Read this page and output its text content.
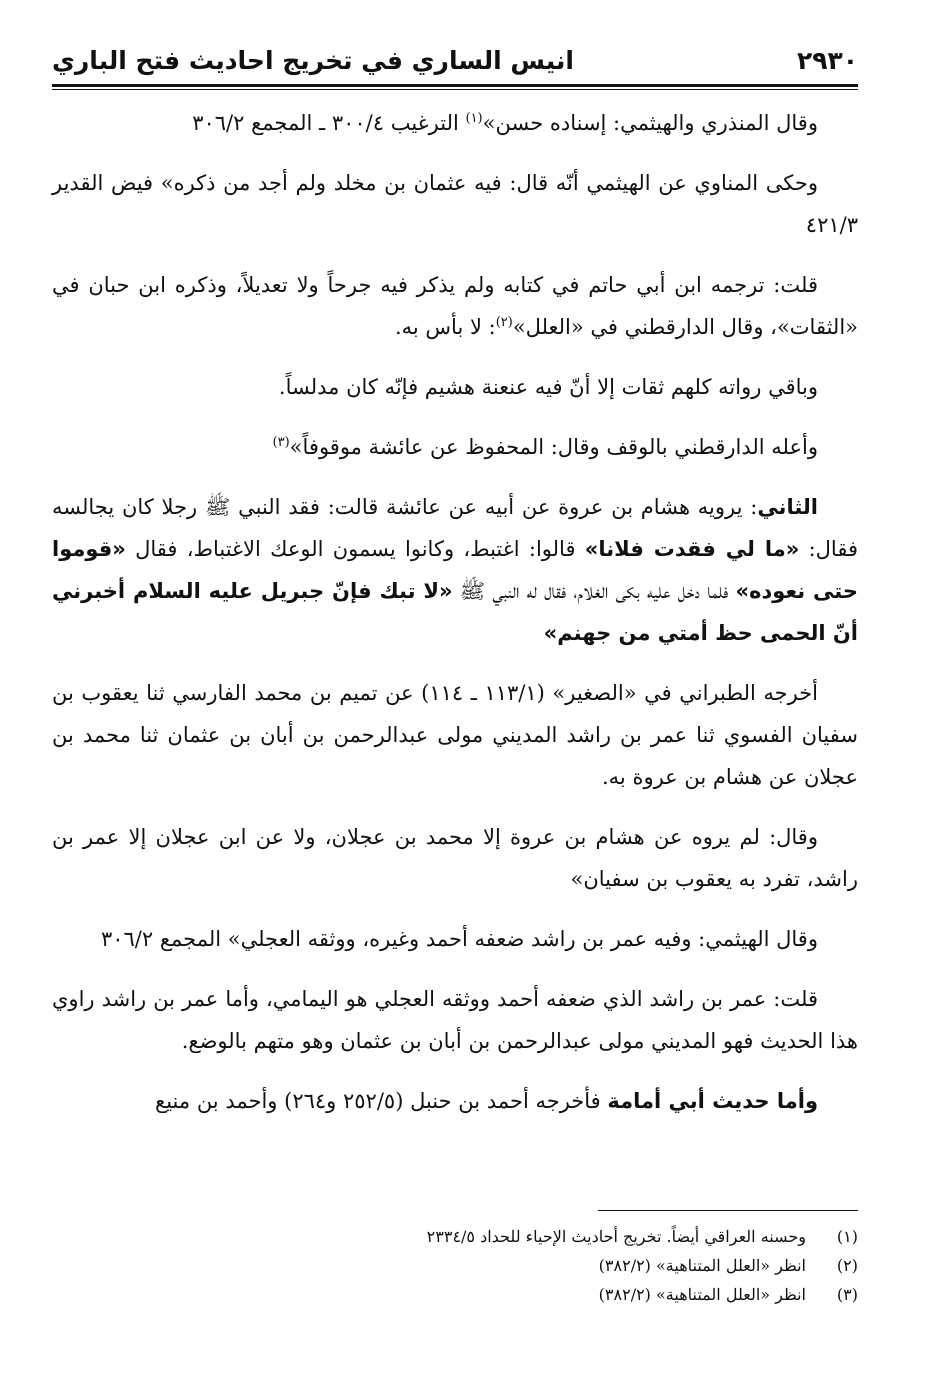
٢٩٣٠
انيس الساري في تخريج احاديث فتح الباري

وقال المنذري والهيثمي: إسناده حسن»$^{(١)}$ الترغيب ٣٠٠/٤ ـ المجمع ٣٠٦/٢

وحكى المناوي عن الهيثمي أنّه قال: فيه عثمان بن مخلد ولم أجد من ذكره» فيض القدير ٤٢١/٣

قلت: ترجمه ابن أبي حاتم في كتابه ولم يذكر فيه جرحاً ولا تعديلاً، وذكره ابن حبان في «الثقات»، وقال الدارقطني في «العلل»$^{(٢)}$: لا بأس به.

وباقي رواته كلهم ثقات إلا أنّ فيه عنعنة هشيم فإنّه كان مدلساً.

وأعله الدارقطني بالوقف وقال: المحفوظ عن عائشة موقوفاً»$^{(٣)}$

الثاني: يرويه هشام بن عروة عن أبيه عن عائشة قالت: فقد النبي ﷺ رجلا كان يجالسه فقال: «ما لي فقدت فلانا» قالوا: اغتبط، وكانوا يسمون الوعك الاغتباط، فقال «قوموا حتى نعوده» فلما دخل عليه بكى الغلام، فقال له النبي ﷺ «لا تبك فإنّ جبريل عليه السلام أخبرني أنّ الحمى حظ أمتي من جهنم»

أخرجه الطبراني في «الصغير» (١١٣/١ ـ ١١٤) عن تميم بن محمد الفارسي ثنا يعقوب بن سفيان الفسوي ثنا عمر بن راشد المديني مولى عبدالرحمن بن أبان بن عثمان ثنا محمد بن عجلان عن هشام بن عروة به.

وقال: لم يروه عن هشام بن عروة إلا محمد بن عجلان، ولا عن ابن عجلان إلا عمر بن راشد، تفرد به يعقوب بن سفيان»

وقال الهيثمي: وفيه عمر بن راشد ضعفه أحمد وغيره، ووثقه العجلي» المجمع ٣٠٦/٢

قلت: عمر بن راشد الذي ضعفه أحمد ووثقه العجلي هو اليمامي، وأما عمر بن راشد راوي هذا الحديث فهو المديني مولى عبدالرحمن بن أبان بن عثمان وهو متهم بالوضع.

وأما حديث أبي أمامة فأخرجه أحمد بن حنبل (٢٥٢/٥ و٢٦٤) وأحمد بن منيع

(١)
وحسنه العراقي أيضاً. تخريج أحاديث الإحياء للحداد ٢٣٣٤/٥
(٢)
انظر «العلل المتناهية» (٣٨٢/٢)
(٣)
انظر «العلل المتناهية» (٣٨٢/٢)
